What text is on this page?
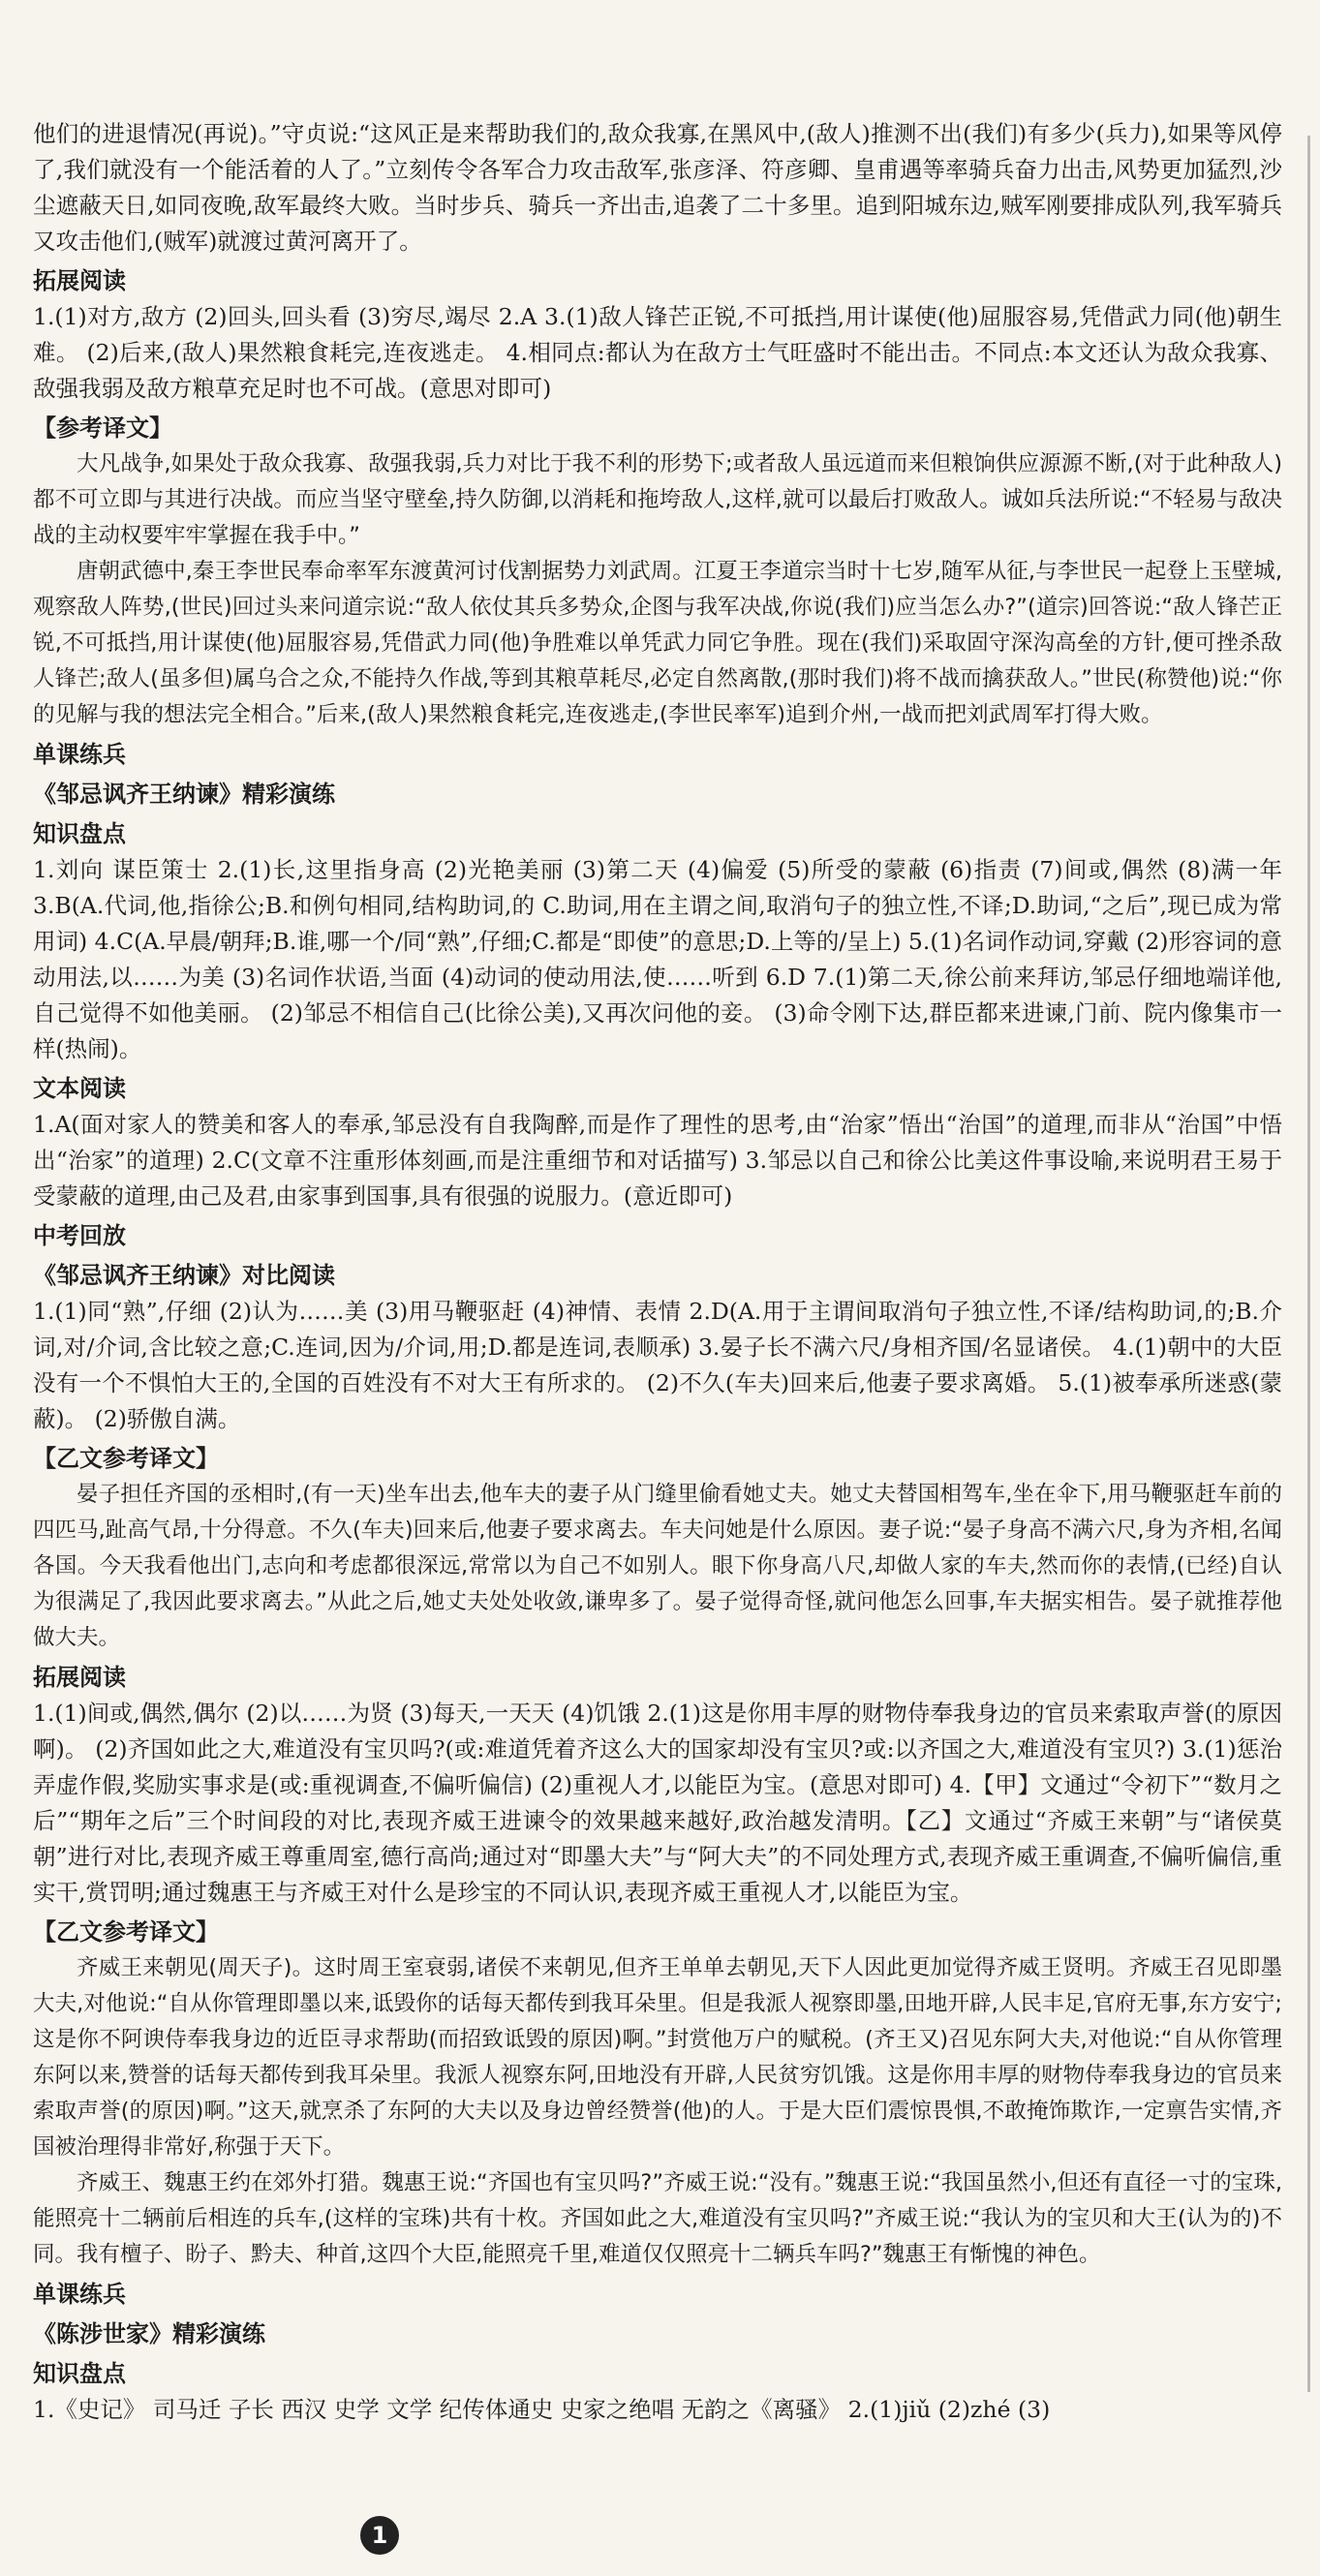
他们的进退情况(再说)。”守贞说:“这风正是来帮助我们的,敌众我寡,在黑风中,(敌人)推测不出(我们)有多少(兵力),如果等风停了,我们就没有一个能活着的人了。”立刻传令各军合力攻击敌军,张彦泽、符彦卿、皇甫遇等率骑兵奋力出击,风势更加猛烈,沙尘遮蔽天日,如同夜晚,敌军最终大败。当时步兵、骑兵一齐出击,追袭了二十多里。追到阳城东边,贼军刚要排成队列,我军骑兵又攻击他们,(贼军)就渡过黄河离开了。

拓展阅读

1.(1)对方,敌方 (2)回头,回头看 (3)穷尽,竭尽 2.A 3.(1)敌人锋芒正锐,不可抵挡,用计谋使(他)屈服容易,凭借武力同(他)朝生难。 (2)后来,(敌人)果然粮食耗完,连夜逃走。 4.相同点:都认为在敌方士气旺盛时不能出击。不同点:本文还认为敌众我寡、敌强我弱及敌方粮草充足时也不可战。(意思对即可)

【参考译文】

大凡战争,如果处于敌众我寡、敌强我弱,兵力对比于我不利的形势下;或者敌人虽远道而来但粮饷供应源源不断,(对于此种敌人)都不可立即与其进行决战。而应当坚守壁垒,持久防御,以消耗和拖垮敌人,这样,就可以最后打败敌人。诚如兵法所说:“不轻易与敌决战的主动权要牢牢掌握在我手中。”

唐朝武德中,秦王李世民奉命率军东渡黄河讨伐割据势力刘武周。江夏王李道宗当时十七岁,随军从征,与李世民一起登上玉壁城,观察敌人阵势,(世民)回过头来问道宗说:“敌人依仗其兵多势众,企图与我军决战,你说(我们)应当怎么办?”(道宗)回答说:“敌人锋芒正锐,不可抵挡,用计谋使(他)屈服容易,凭借武力同(他)争胜难以单凭武力同它争胜。现在(我们)采取固守深沟高垒的方针,便可挫杀敌人锋芒;敌人(虽多但)属乌合之众,不能持久作战,等到其粮草耗尽,必定自然离散,(那时我们)将不战而擒获敌人。”世民(称赞他)说:“你的见解与我的想法完全相合。”后来,(敌人)果然粮食耗完,连夜逃走,(李世民率军)追到介州,一战而把刘武周军打得大败。

单课练兵

《邹忌讽齐王纳谏》精彩演练

知识盘点

1.刘向 谋臣策士 2.(1)长,这里指身高 (2)光艳美丽 (3)第二天 (4)偏爱 (5)所受的蒙蔽 (6)指责 (7)间或,偶然 (8)满一年 3.B(A.代词,他,指徐公;B.和例句相同,结构助词,的 C.助词,用在主谓之间,取消句子的独立性,不译;D.助词,“之后”,现已成为常用词) 4.C(A.早晨/朝拜;B.谁,哪一个/同“熟”,仔细;C.都是“即使”的意思;D.上等的/呈上) 5.(1)名词作动词,穿戴 (2)形容词的意动用法,以……为美 (3)名词作状语,当面 (4)动词的使动用法,使……听到 6.D 7.(1)第二天,徐公前来拜访,邹忌仔细地端详他,自己觉得不如他美丽。 (2)邹忌不相信自己(比徐公美),又再次问他的妾。 (3)命令刚下达,群臣都来进谏,门前、院内像集市一样(热闹)。

文本阅读

1.A(面对家人的赞美和客人的奉承,邹忌没有自我陶醉,而是作了理性的思考,由“治家”悟出“治国”的道理,而非从“治国”中悟出“治家”的道理) 2.C(文章不注重形体刻画,而是注重细节和对话描写) 3.邹忌以自己和徐公比美这件事设喻,来说明君王易于受蒙蔽的道理,由己及君,由家事到国事,具有很强的说服力。(意近即可)

中考回放

《邹忌讽齐王纳谏》对比阅读

1.(1)同“熟”,仔细 (2)认为……美 (3)用马鞭驱赶 (4)神情、表情 2.D(A.用于主谓间取消句子独立性,不译/结构助词,的;B.介词,对/介词,含比较之意;C.连词,因为/介词,用;D.都是连词,表顺承) 3.晏子长不满六尺/身相齐国/名显诸侯。 4.(1)朝中的大臣没有一个不惧怕大王的,全国的百姓没有不对大王有所求的。 (2)不久(车夫)回来后,他妻子要求离婚。 5.(1)被奉承所迷惑(蒙蔽)。 (2)骄傲自满。

【乙文参考译文】

晏子担任齐国的丞相时,(有一天)坐车出去,他车夫的妻子从门缝里偷看她丈夫。她丈夫替国相驾车,坐在伞下,用马鞭驱赶车前的四匹马,趾高气昂,十分得意。不久(车夫)回来后,他妻子要求离去。车夫问她是什么原因。妻子说:“晏子身高不满六尺,身为齐相,名闻各国。今天我看他出门,志向和考虑都很深远,常常以为自己不如别人。眼下你身高八尺,却做人家的车夫,然而你的表情,(已经)自认为很满足了,我因此要求离去。”从此之后,她丈夫处处收敛,谦卑多了。晏子觉得奇怪,就问他怎么回事,车夫据实相告。晏子就推荐他做大夫。

拓展阅读

1.(1)间或,偶然,偶尔 (2)以……为贤 (3)每天,一天天 (4)饥饿 2.(1)这是你用丰厚的财物侍奉我身边的官员来索取声誉(的原因啊)。 (2)齐国如此之大,难道没有宝贝吗?(或:难道凭着齐这么大的国家却没有宝贝?或:以齐国之大,难道没有宝贝?) 3.(1)惩治弄虚作假,奖励实事求是(或:重视调查,不偏听偏信) (2)重视人才,以能臣为宝。(意思对即可) 4.【甲】文通过“令初下”“数月之后”“期年之后”三个时间段的对比,表现齐威王进谏令的效果越来越好,政治越发清明。【乙】文通过“齐威王来朝”与“诸侯莫朝”进行对比,表现齐威王尊重周室,德行高尚;通过对“即墨大夫”与“阿大夫”的不同处理方式,表现齐威王重调查,不偏听偏信,重实干,赏罚明;通过魏惠王与齐威王对什么是珍宝的不同认识,表现齐威王重视人才,以能臣为宝。

【乙文参考译文】

齐威王来朝见(周天子)。这时周王室衰弱,诸侯不来朝见,但齐王单单去朝见,天下人因此更加觉得齐威王贤明。齐威王召见即墨大夫,对他说:“自从你管理即墨以来,诋毁你的话每天都传到我耳朵里。但是我派人视察即墨,田地开辟,人民丰足,官府无事,东方安宁;这是你不阿谀侍奉我身边的近臣寻求帮助(而招致诋毁的原因)啊。”封赏他万户的赋税。(齐王又)召见东阿大夫,对他说:“自从你管理东阿以来,赞誉的话每天都传到我耳朵里。我派人视察东阿,田地没有开辟,人民贫穷饥饿。这是你用丰厚的财物侍奉我身边的官员来索取声誉(的原因)啊。”这天,就烹杀了东阿的大夫以及身边曾经赞誉(他)的人。于是大臣们震惊畏惧,不敢掩饰欺诈,一定禀告实情,齐国被治理得非常好,称强于天下。

齐威王、魏惠王约在郊外打猎。魏惠王说:“齐国也有宝贝吗?”齐威王说:“没有。”魏惠王说:“我国虽然小,但还有直径一寸的宝珠,能照亮十二辆前后相连的兵车,(这样的宝珠)共有十枚。齐国如此之大,难道没有宝贝吗?”齐威王说:“我认为的宝贝和大王(认为的)不同。我有檀子、盼子、黔夫、种首,这四个大臣,能照亮千里,难道仅仅照亮十二辆兵车吗?”魏惠王有惭愧的神色。

单课练兵

《陈涉世家》精彩演练

知识盘点

1.《史记》 司马迁 子长 西汉 史学 文学 纪传体通史 史家之绝唱 无韵之《离骚》 2.(1)jiǔ (2)zhé (3)

1
